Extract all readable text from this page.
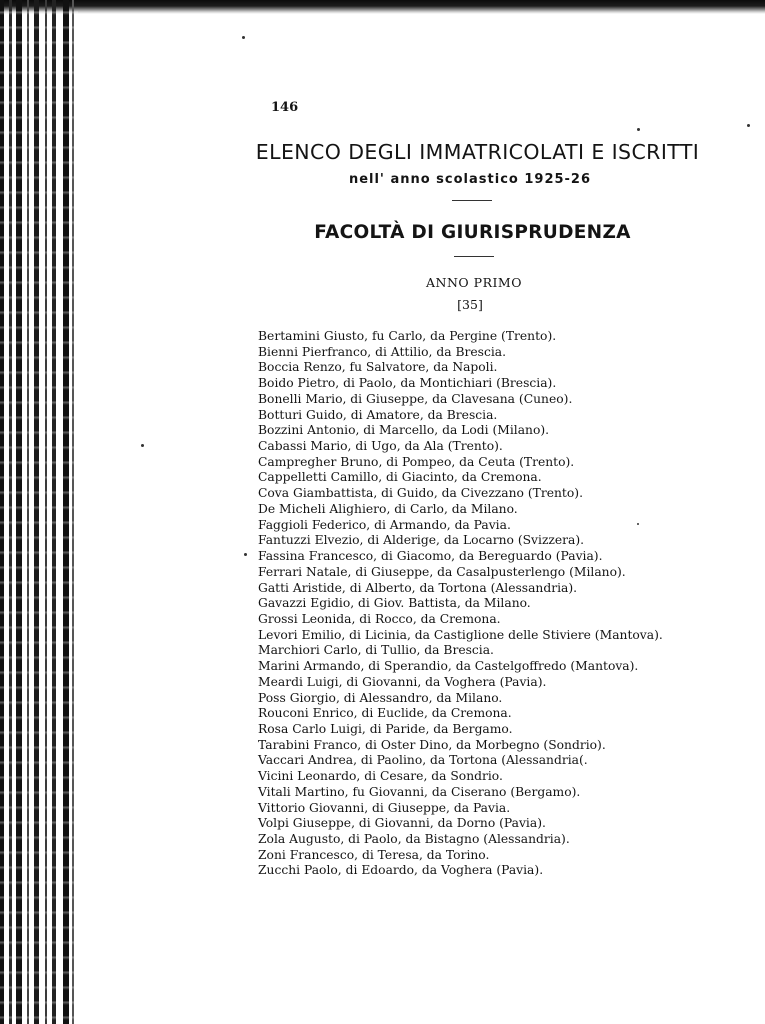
146
ELENCO DEGLI IMMATRICOLATI E ISCRITTI
nell' anno scolastico 1925-26
FACOLTÀ DI GIURISPRUDENZA
ANNO PRIMO
[35]
Bertamini Giusto, fu Carlo, da Pergine (Trento).
Bienni Pierfranco, di Attilio, da Brescia.
Boccia Renzo, fu Salvatore, da Napoli.
Boido Pietro, di Paolo, da Montichiari (Brescia).
Bonelli Mario, di Giuseppe, da Clavesana (Cuneo).
Botturi Guido, di Amatore, da Brescia.
Bozzini Antonio, di Marcello, da Lodi (Milano).
Cabassi Mario, di Ugo, da Ala (Trento).
Campregher Bruno, di Pompeo, da Ceuta (Trento).
Cappelletti Camillo, di Giacinto, da Cremona.
Cova Giambattista, di Guido, da Civezzano (Trento).
De Micheli Alighiero, di Carlo, da Milano.
Faggioli Federico, di Armando, da Pavia.
Fantuzzi Elvezio, di Alderige, da Locarno (Svizzera).
Fassina Francesco, di Giacomo, da Bereguardo (Pavia).
Ferrari Natale, di Giuseppe, da Casalpusterlengo (Milano).
Gatti Aristide, di Alberto, da Tortona (Alessandria).
Gavazzi Egidio, di Giov. Battista, da Milano.
Grossi Leonida, di Rocco, da Cremona.
Levori Emilio, di Licinia, da Castiglione delle Stiviere (Mantova).
Marchiori Carlo, di Tullio, da Brescia.
Marini Armando, di Sperandio, da Castelgoffredo (Mantova).
Meardi Luigi, di Giovanni, da Voghera (Pavia).
Poss Giorgio, di Alessandro, da Milano.
Rouconi Enrico, di Euclide, da Cremona.
Rosa Carlo Luigi, di Paride, da Bergamo.
Tarabini Franco, di Oster Dino, da Morbegno (Sondrio).
Vaccari Andrea, di Paolino, da Tortona (Alessandria(.
Vicini Leonardo, di Cesare, da Sondrio.
Vitali Martino, fu Giovanni, da Ciserano (Bergamo).
Vittorio Giovanni, di Giuseppe, da Pavia.
Volpi Giuseppe, di Giovanni, da Dorno (Pavia).
Zola Augusto, di Paolo, da Bistagno (Alessandria).
Zoni Francesco, di Teresa, da Torino.
Zucchi Paolo, di Edoardo, da Voghera (Pavia).
